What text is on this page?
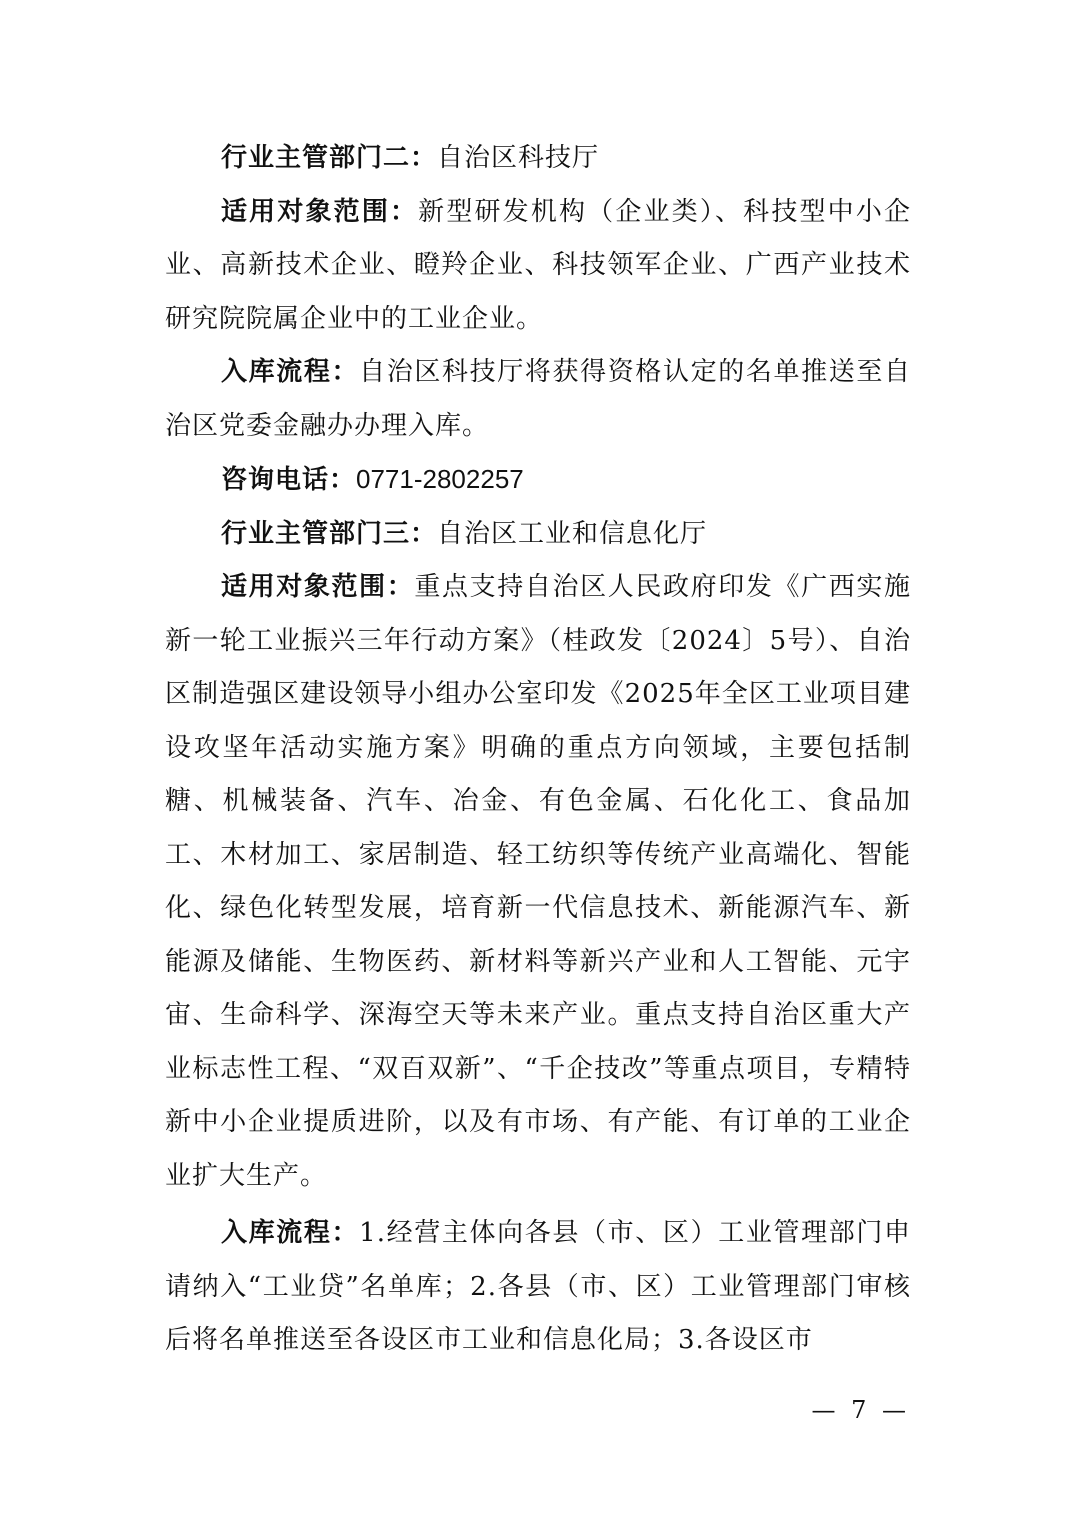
行业主管部门二：自治区科技厅

适用对象范围：新型研发机构（企业类）、科技型中小企业、高新技术企业、瞪羚企业、科技领军企业、广西产业技术研究院院属企业中的工业企业。

入库流程：自治区科技厅将获得资格认定的名单推送至自治区党委金融办办理入库。

咨询电话：0771-2802257

行业主管部门三：自治区工业和信息化厅

适用对象范围：重点支持自治区人民政府印发《广西实施新一轮工业振兴三年行动方案》（桂政发〔2024〕5号）、自治区制造强区建设领导小组办公室印发《2025年全区工业项目建设攻坚年活动实施方案》明确的重点方向领域，主要包括制糖、机械装备、汽车、冶金、有色金属、石化化工、食品加工、木材加工、家居制造、轻工纺织等传统产业高端化、智能化、绿色化转型发展，培育新一代信息技术、新能源汽车、新能源及储能、生物医药、新材料等新兴产业和人工智能、元宇宙、生命科学、深海空天等未来产业。重点支持自治区重大产业标志性工程、“双百双新”、“千企技改”等重点项目，专精特新中小企业提质进阶，以及有市场、有产能、有订单的工业企业扩大生产。

入库流程：1.经营主体向各县（市、区）工业管理部门申请纳入“工业贷”名单库；2.各县（市、区）工业管理部门审核后将名单推送至各设区市工业和信息化局；3.各设区市

— 7 —
